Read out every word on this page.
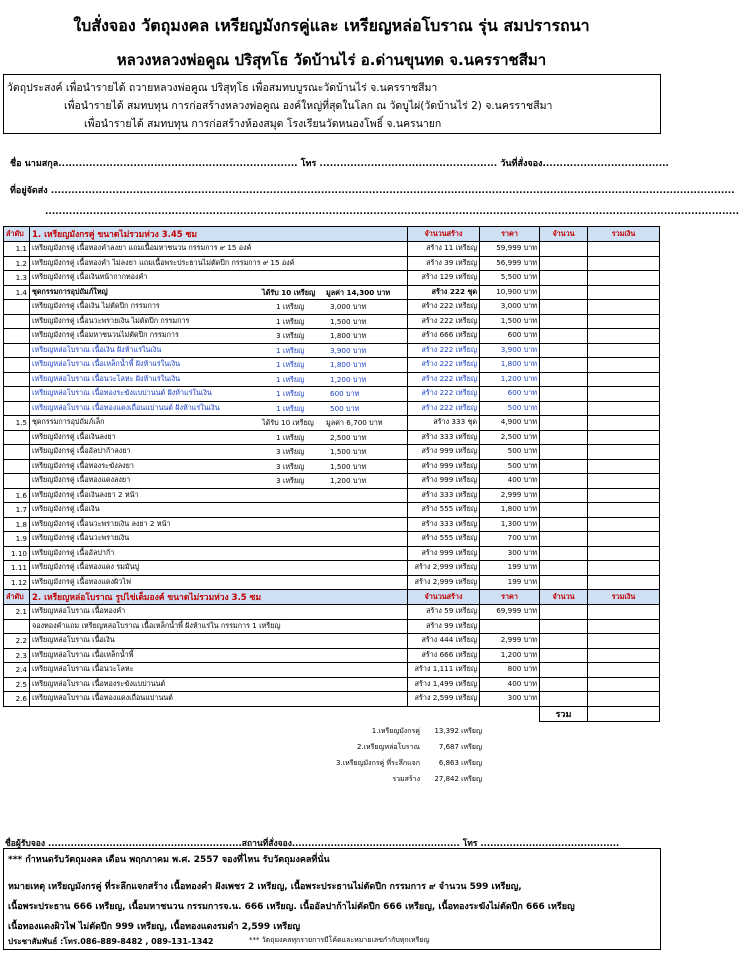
ใบสั่งจอง วัตถุมงคล เหรียญมังกรคู่และ เหรียญหล่อโบราณ รุ่น สมปรารถนา
หลวงหลวงพ่อคูณ ปริสุทโธ วัดบ้านไร่ อ.ด่านขุนทด จ.นครราชสีมา
วัตถุประสงค์ เพื่อนำรายได้ ถวายหลวงพ่อคูณ ปริสุทฺโธ เพื่อสมทบบูรณะวัดบ้านไร่ จ.นครราชสีมา
เพื่อนำรายได้ สมทบทุน การก่อสร้างหลวงพ่อคูณ องค์ใหญ่ที่สุดในโลก ณ วัดบูไผ่(วัดบ้านไร่ 2) จ.นครราชสีมา
เพื่อนำรายได้ สมทบทุน การก่อสร้างห้องสมุด โรงเรียนวัดหนองโพธิ์ จ.นครนายก
ชื่อ นามสกุล...................................................................... โทร .................................................... วันที่สั่งจอง.....................................
ที่อยู่จัดส่ง ........................................................................................................................................................................................................
...........................................................................................................................................................................................................
ลำดับ	1. เหรียญมังกรคู่ ขนาดไม่รวมห่วง 3.45 ซม	จำนวนสร้าง	ราคา	จำนวน	รวมเงิน
1.1	เหรียญมังกรคู่ เนื้อทองคำลงยา แถมเนื้อมหาชนวน กรรมการ ๙ 15 องค์	สร้าง 11 เหรียญ	59,999 บาท		
1.2	เหรียญมังกรคู่ เนื้อทองคำ ไม่ลงยา แถมเนื้อพระประธานไม่ตัดปีก กรรมการ ๙ 15 องค์	สร้าง 39 เหรียญ	56,999 บาท		
1.3	เหรียญมังกรคู่ เนื้อเงินหน้ากากทองคำ	สร้าง 129 เหรียญ	5,500 บาท		
1.4	ชุดกรรมการอุปถัมภ์ใหญ่ ได้รับ 10 เหรียญ มูลค่า 14,300 บาท	สร้าง 222 ชุด	10,900 บาท		
	เหรียญมังกรคู่ เนื้อเงิน ไม่ตัดปีก กรรมการ 1 เหรียญ 3,000 บาท	สร้าง 222 เหรียญ	3,000 บาท		
	เหรียญมังกรคู่ เนื้อนวะพรายเงิน ไม่ตัดปีก กรรมการ 1 เหรียญ 1,500 บาท	สร้าง 222 เหรียญ	1,500 บาท		
	เหรียญมังกรคู่ เนื้อมหาชนวนไม่ตัดปีก กรรมการ 3 เหรียญ 1,800 บาท	สร้าง 666 เหรียญ	600 บาท		
	เหรียญหล่อโบราณ เนื้อเงิน ฝังห้าแร่ในเงิน 1 เหรียญ 3,900 บาท	สร้าง 222 เหรียญ	3,900 บาท		
	เหรียญหล่อโบราณ เนื้อเหล็กน้ำพี้ ฝังห้าแร่ในเงิน 1 เหรียญ 1,800 บาท	สร้าง 222 เหรียญ	1,800 บาท		
	เหรียญหล่อโบราณ เนื้อนวะโลหะ ฝังห้าแร่ในเงิน 1 เหรียญ 1,200 บาท	สร้าง 222 เหรียญ	1,200 บาท		
	เหรียญหล่อโบราณ เนื้อทองระฆังแบบ่านนต์ ฝังห้าแร่ในเงิน 1 เหรียญ 600 บาท	สร้าง 222 เหรียญ	600 บาท		
	เหรียญหล่อโบราณ เนื้อทองแดงเถื่อนแบ่านนต์ ฝังห้าแร่ในเงิน 1 เหรียญ 500 บาท	สร้าง 222 เหรียญ	500 บาท		
1.5	ชุดกรรมการอุปถัมภ์เล็ก ได้รับ 10 เหรียญ มูลค่า 6,700 บาท	สร้าง 333 ชุด	4,900 บาท		
	เหรียญมังกรคู่ เนื้อเงินลงยา 1 เหรียญ 2,500 บาท	สร้าง 333 เหรียญ	2,500 บาท		
	เหรียญมังกรคู่ เนื้ออัลปาก้าลงยา 3 เหรียญ 1,500 บาท	สร้าง 999 เหรียญ	500 บาท		
	เหรียญมังกรคู่ เนื้อทองระฆังลงยา 3 เหรียญ 1,500 บาท	สร้าง 999 เหรียญ	500 บาท		
	เหรียญมังกรคู่ เนื้อทองแดงลงยา 3 เหรียญ 1,200 บาท	สร้าง 999 เหรียญ	400 บาท		
1.6	เหรียญมังกรคู่ เนื้อเงินลงยา 2 หน้า	สร้าง 333 เหรียญ	2,999 บาท		
1.7	เหรียญมังกรคู่ เนื้อเงิน	สร้าง 555 เหรียญ	1,800 บาท		
1.8	เหรียญมังกรคู่ เนื้อนวะพรายเงิน ลงยา 2 หน้า	สร้าง 333 เหรียญ	1,300 บาท		
1.9	เหรียญมังกรคู่ เนื้อนวะพรายเงิน	สร้าง 555 เหรียญ	700 บาท		
1.10	เหรียญมังกรคู่ เนื้ออัลปาก้า	สร้าง 999 เหรียญ	300 บาท		
1.11	เหรียญมังกรคู่ เนื้อทองแดง รมมันปู	สร้าง 2,999 เหรียญ	199 บาท		
1.12	เหรียญมังกรคู่ เนื้อทองแดงผิวไฟ	สร้าง 2,999 เหรียญ	199 บาท		
ลำดับ	2. เหรียญหล่อโบราณ รูปไข่เต็มองค์ ขนาดไม่รวมห่วง 3.5 ซม	จำนวนสร้าง	ราคา	จำนวน	รวมเงิน
2.1	เหรียญหล่อโบราณ เนื้อทองคำ	สร้าง 59 เหรียญ	69,999 บาท		
	จองทองคำแถม เหรียญหล่อโบราณ เนื้อเหล็กน้ำพี้ ฝังห้าแร่ใน กรรมการ 1 เหรียญ	สร้าง 99 เหรียญ			
2.2	เหรียญหล่อโบราณ เนื้อเงิน	สร้าง 444 เหรียญ	2,999 บาท		
2.3	เหรียญหล่อโบราณ เนื้อเหล็กน้ำพี้	สร้าง 666 เหรียญ	1,200 บาท		
2.4	เหรียญหล่อโบราณ เนื้อนวะโลหะ	สร้าง 1,111 เหรียญ	800 บาท		
2.5	เหรียญหล่อโบราณ เนื้อทองระฆังแบบ่านนต์	สร้าง 1,499 เหรียญ	400 บาท		
2.6	เหรียญหล่อโบราณ เนื้อทองแดงเถื่อนแบ่านนต์	สร้าง 2,599 เหรียญ	300 บาท		
				รวม	
1.เหรียญมังกรคู่	13,392 เหรียญ
2.เหรียญหล่อโบราณ	7,687 เหรียญ
3.เหรียญมังกรคู่ ที่ระลึกแจก	6,863 เหรียญ
รวมสร้าง	27,842 เหรียญ
ชื่อผู้รับจอง ............................................................สถานที่สั่งจอง.................................................... โทร ...........................................
*** กำหนดรับวัตถุมงคล เดือน พฤกภาคม พ.ศ. 2557 จองที่ไหน รับวัตถุมงคลที่นั่น
หมายเหตุ เหรียญมังกรคู่ ที่ระลึกแจกสร้าง เนื้อทองคำ ฝังเพชร 2 เหรียญ, เนื้อพระประธานไม่ตัดปีก กรรมการ ๙ จำนวน 599 เหรียญ,
เนื้อพระประธาน 666 เหรียญ, เนื้อมหาชนวน กรรมการจ.น. 666 เหรียญ. เนื้ออัลปาก้าไม่ตัดปีก 666 เหรียญ, เนื้อทองระฆังไม่ตัดปีก 666 เหรียญ
เนื้อทองแดงผิวไฟ ไม่ตัดปีก 999 เหรียญ, เนื้อทองแดงรมดำ 2,599 เหรียญ
ประชาสัมพันธ์ :โทร.086-889-8482 , 089-131-1342	*** วัตถุมงคลทุกรายการมีโค้ดและหมายเลขกำกับทุกเหรียญ
